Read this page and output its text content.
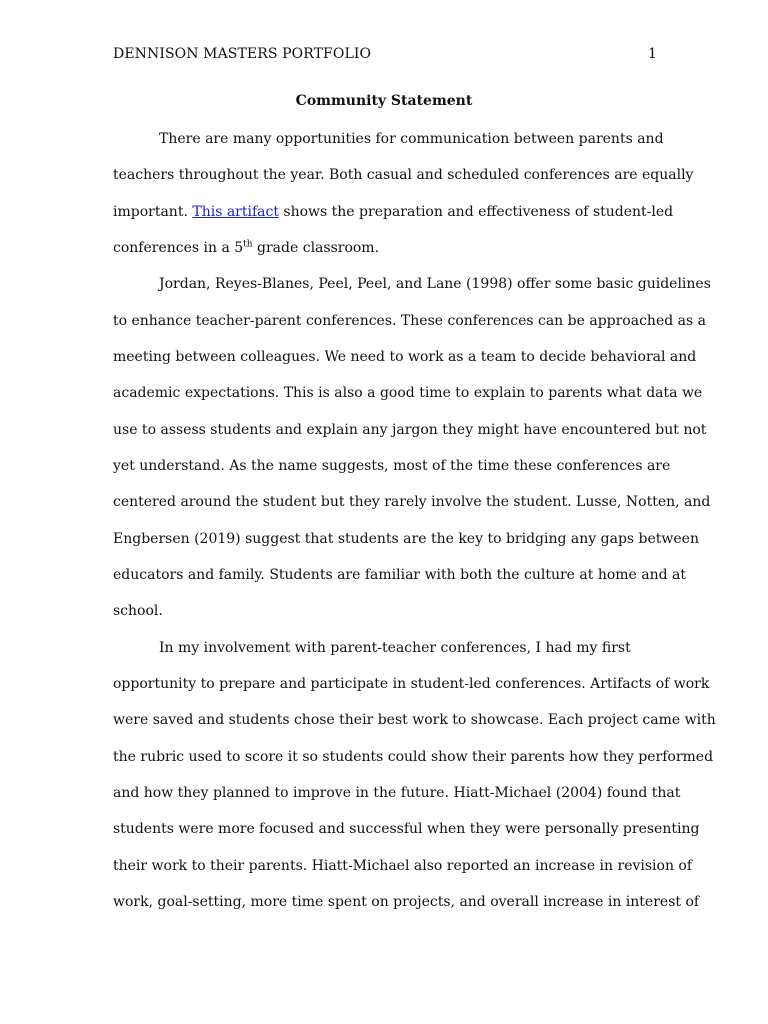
DENNISON MASTERS PORTFOLIO	1
Community Statement
There are many opportunities for communication between parents and
teachers throughout the year. Both casual and scheduled conferences are equally
important. This artifact shows the preparation and effectiveness of student-led
conferences in a 5th grade classroom.
Jordan, Reyes-Blanes, Peel, Peel, and Lane (1998) offer some basic guidelines
to enhance teacher-parent conferences. These conferences can be approached as a
meeting between colleagues. We need to work as a team to decide behavioral and
academic expectations. This is also a good time to explain to parents what data we
use to assess students and explain any jargon they might have encountered but not
yet understand. As the name suggests, most of the time these conferences are
centered around the student but they rarely involve the student. Lusse, Notten, and
Engbersen (2019) suggest that students are the key to bridging any gaps between
educators and family. Students are familiar with both the culture at home and at
school.
In my involvement with parent-teacher conferences, I had my first
opportunity to prepare and participate in student-led conferences. Artifacts of work
were saved and students chose their best work to showcase. Each project came with
the rubric used to score it so students could show their parents how they performed
and how they planned to improve in the future. Hiatt-Michael (2004) found that
students were more focused and successful when they were personally presenting
their work to their parents. Hiatt-Michael also reported an increase in revision of
work, goal-setting, more time spent on projects, and overall increase in interest of
